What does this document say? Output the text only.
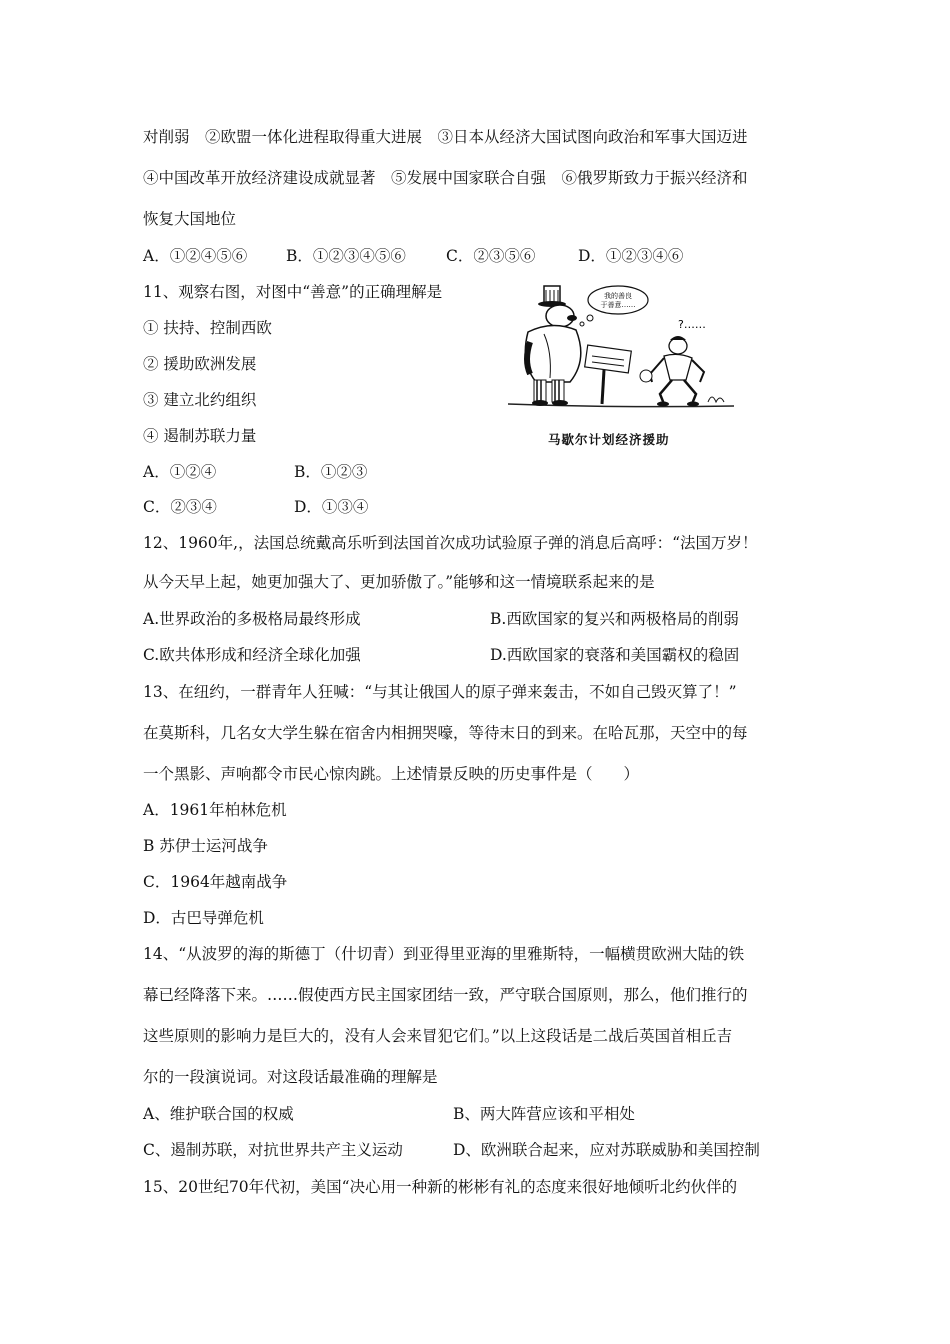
对削弱　②欧盟一体化进程取得重大进展　③日本从经济大国试图向政治和军事大国迈进
④中国改革开放经济建设成就显著　⑤发展中国家联合自强　⑥俄罗斯致力于振兴经济和
恢复大国地位
A．①②④⑤⑥	B．①②③④⑤⑥	C．②③⑤⑥	D．①②③④⑥
11、观察右图，对图中“善意”的正确理解是
① 扶持、控制西欧
② 援助欧洲发展
③ 建立北约组织
④ 遏制苏联力量
A．①②④	B．①②③
C．②③④	D．①③④
我的善良
于善意……
?……
马歇尔计划经济援助
12、1960年,，法国总统戴高乐听到法国首次成功试验原子弹的消息后高呼：“法国万岁！
从今天早上起，她更加强大了、更加骄傲了。”能够和这一情境联系起来的是
A.世界政治的多极格局最终形成	B.西欧国家的复兴和两极格局的削弱
C.欧共体形成和经济全球化加强	D.西欧国家的衰落和美国霸权的稳固
13、在纽约，一群青年人狂喊：“与其让俄国人的原子弹来轰击，不如自己毁灭算了！”
在莫斯科，几名女大学生躲在宿舍内相拥哭嚎，等待末日的到来。在哈瓦那，天空中的每
一个黑影、声响都令市民心惊肉跳。上述情景反映的历史事件是（　　）
A．1961年柏林危机
B 苏伊士运河战争
C．1964年越南战争
D．古巴导弹危机
14、“从波罗的海的斯德丁（什切青）到亚得里亚海的里雅斯特，一幅横贯欧洲大陆的铁
幕已经降落下来。……假使西方民主国家团结一致，严守联合国原则，那么，他们推行的
这些原则的影响力是巨大的，没有人会来冒犯它们。”以上这段话是二战后英国首相丘吉
尔的一段演说词。对这段话最准确的理解是
A、维护联合国的权威	B、两大阵营应该和平相处
C、遏制苏联，对抗世界共产主义运动	D、欧洲联合起来，应对苏联威胁和美国控制
15、20世纪70年代初，美国“决心用一种新的彬彬有礼的态度来很好地倾听北约伙伴的
